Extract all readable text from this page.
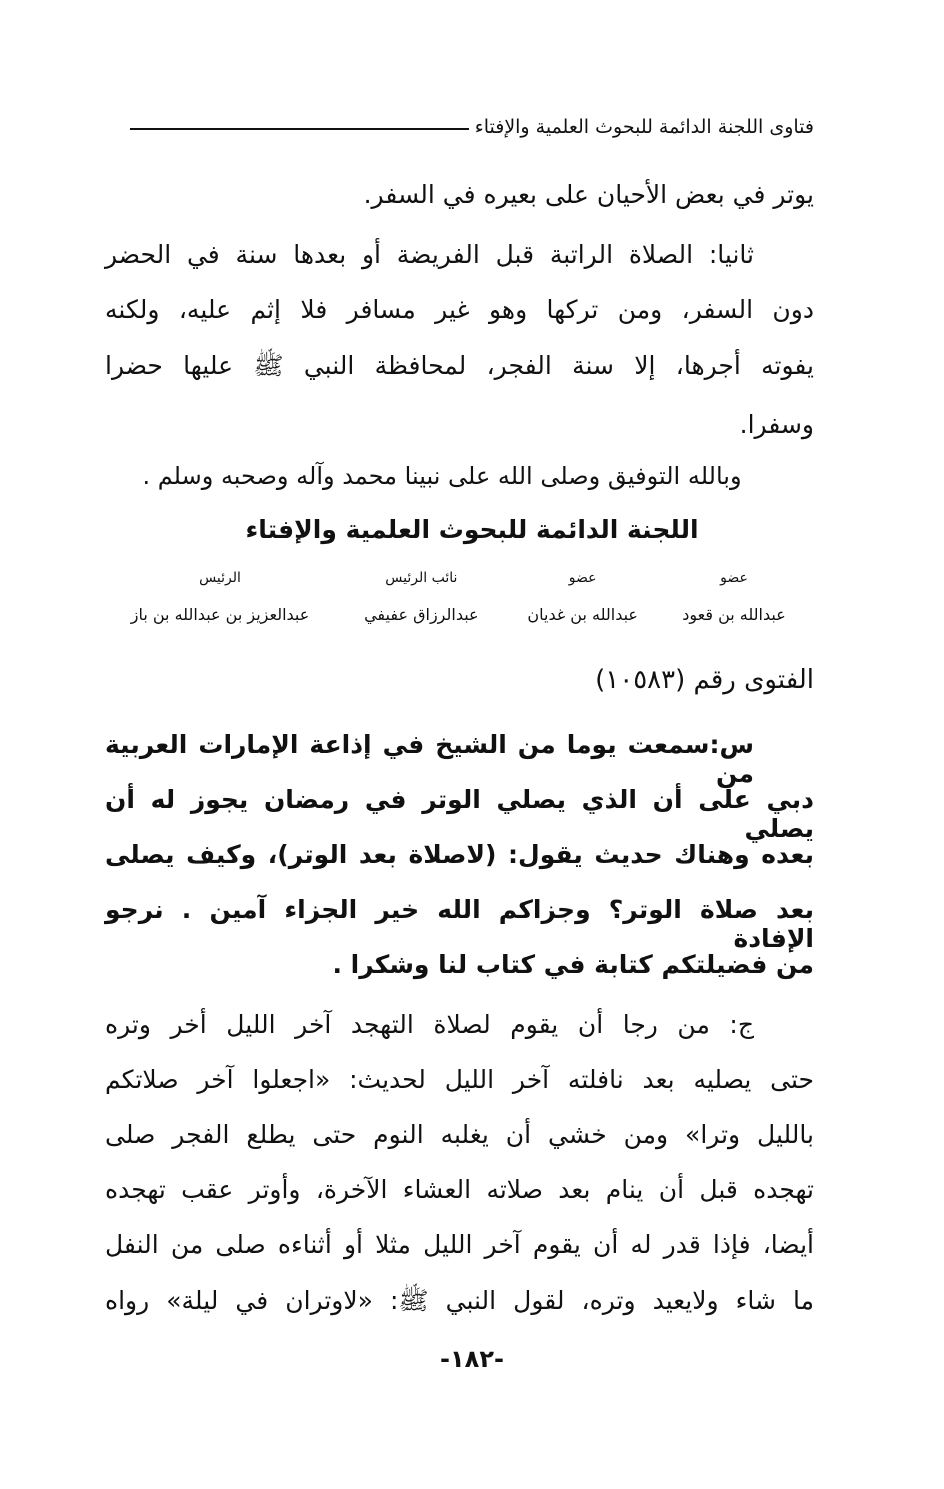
فتاوى اللجنة الدائمة للبحوث العلمية والإفتاء
يوتر في بعض الأحيان على بعيره في السفر.
ثانيا: الصلاة الراتبة قبل الفريضة أو بعدها سنة في الحضر
دون السفر، ومن تركها وهو غير مسافر فلا إثم عليه، ولكنه
يفوته أجرها، إلا سنة الفجر، لمحافظة النبي ﷺ عليها حضرا
وسفرا.
وبالله التوفيق وصلى الله على نبينا محمد وآله وصحبه وسلم .
اللجنة الدائمة للبحوث العلمية والإفتاء
عضو
عضو
نائب الرئيس
الرئيس
عبدالله بن قعود
عبدالله بن غديان
عبدالرزاق عفيفي
عبدالعزيز بن عبدالله بن باز
الفتوى رقم (١٠٥٨٣)
س:سمعت يوما من الشيخ في إذاعة الإمارات العربية من
دبي على أن الذي يصلي الوتر في رمضان يجوز له أن يصلي
بعده وهناك حديث يقول: (لاصلاة بعد الوتر)، وكيف يصلى
بعد صلاة الوتر؟ وجزاكم الله خير الجزاء آمين . نرجو الإفادة
من فضيلتكم كتابة في كتاب لنا وشكرا .
ج: من رجا أن يقوم لصلاة التهجد آخر الليل أخر وتره
حتى يصليه بعد نافلته آخر الليل لحديث: «اجعلوا آخر صلاتكم
بالليل وترا» ومن خشي أن يغلبه النوم حتى يطلع الفجر صلى
تهجده قبل أن ينام بعد صلاته العشاء الآخرة، وأوتر عقب تهجده
أيضا، فإذا قدر له أن يقوم آخر الليل مثلا أو أثناءه صلى من النفل
ما شاء ولايعيد وتره، لقول النبي ﷺ: «لاوتران في ليلة» رواه
-١٨٢-
